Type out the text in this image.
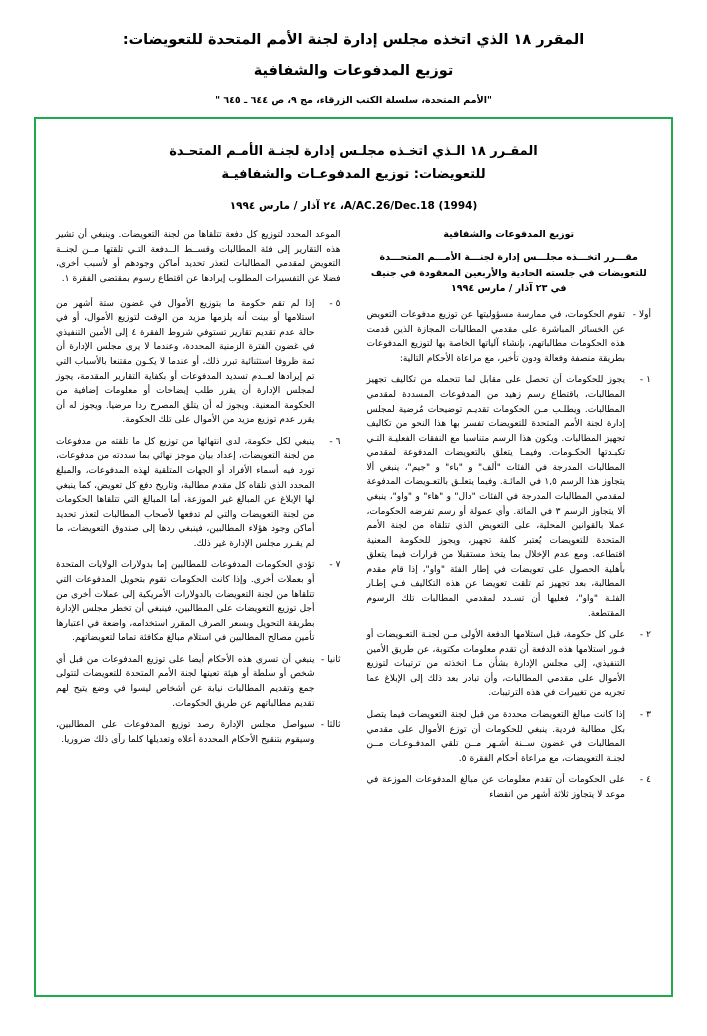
المقرر ١٨ الذي اتخذه مجلس إدارة لجنة الأمم المتحدة للتعويضات:
توزيع المدفوعات والشفافية
"الأمم المتحدة، سلسلة الكتب الزرقاء، مج ٩، ص ٦٤٤ ـ ٦٤٥ "
المقـرر ١٨ الـذي اتخـذه مجلـس إدارة لجنـة الأمـم المتحـدة
للتعويضات: توزيع المدفوعـات والشفافيـة
A/AC.26/Dec.18 (1994)، ٢٤ آذار / مارس ١٩٩٤
توزيع المدفوعات والشفافية
مقـــرر اتخـــذه مجلـــس إدارة لجنـــة الأمـــم المتحـــدة للتعويضات في جلسته الحادية والأربعين المعقودة في جنيف في ٢٣ آذار / مارس ١٩٩٤

أولا -
تقوم الحكومات، في ممارسة مسؤوليتها عن توزيع مدفوعات التعويض عن الخسائر المباشرة على مقدمي المطالبات المجازة الذين قدمت هذه الحكومات مطالباتهم، بإنشاء آلياتها الخاصة بها لتوزيع المدفوعات بطريقة منصفة وفعالة ودون تأخير، مع مراعاة الأحكام التالية:

١ -
يجوز للحكومات أن تحصل على مقابل لما تتحمله من تكاليف تجهيز المطالبات، باقتطاع رسم زهيد من المدفوعات المسددة لمقدمي المطالبات. ويطلـب مـن الحكومات تقديـم توضيحات مُرضية لمجلس إدارة لجنة الأمم المتحدة للتعويضات تفسر بها هذا النحو من تكاليف تجهيز المطالبات. ويكون هذا الرسم متناسبا مع النفقات الفعليـة التـي تكبـدتها الحكـومات. وفيمـا يتعلق بالتعويضات المدفوعة لمقدمي المطالبات المدرجة في الفئات "ألف" و "باء" و "جيم"، ينبغي ألا يتجاوز هذا الرسم ١,٥ في المائـة. وفيما يتعلـق بالتعـويضات المدفوعة لمقدمي المطالبات المدرجة في الفئات "دال" و "هاء" و "واو"، ينبغي ألا يتجاوز الرسم ٣ في المائة. وأي عمولة أو رسم تفرضه الحكومات، عملا بالقوانين المحلية، على التعويض الذي تتلقاه من لجنة الأمم المتحدة للتعويضات يُعتبر كلفة تجهيز، ويجوز للحكومة المعنية اقتطاعه. ومع عدم الإخلال بما يتخذ مستقبلا من قرارات فيما يتعلق بأهلية الحصول على تعويضات في إطار الفئة "واو"، إذا قام مقدم المطالبة، بعد تجهيز ثم تلقت تعويضا عن هذه التكاليف فـي إطـار الفئـة "واو"، فعليها أن تسـدد لمقدمي المطالبات تلك الرسوم المقتطعة.

٢ -
على كل حكومة، قبل استلامها الدفعة الأولى مـن لجنـة التعـويضات أو فـور استلامها هذه الدفعة أن تقدم معلومات مكتوبة، عن طريق الأمين التنفيذي، إلى مجلس الإدارة بشأن مـا اتخذته من ترتيبات لتوزيع الأموال على مقدمي المطالبات، وأن تبادر بعد ذلك إلى الإبلاغ عما تجريه من تغييرات في هذه الترتيبات.

٣ -
إذا كانت مبالغ التعويضات محددة من قبل لجنة التعويضات فيما يتصل بكل مطالبة فردية. ينبغي للحكومات أن توزع الأموال على مقدمي المطالبات في غضون ســنة أشـهر مــن تلقي المدفـوعـات مــن لجنـة التعويضات، مع مراعاة أحكام الفقرة ٥.

٤ -
على الحكومات أن تقدم معلومات عن مبالغ المدفوعات الموزعة في موعد لا يتجاوز ثلاثة أشهر من انقضاء

الموعد المحدد لتوزيع كل دفعة تتلقاها من لجنة التعويضات. وينبغي أن تشير هذه التقارير إلى فئة المطالبات وقســط الــدفعة التـي تلقتها مــن لجنــة التعويض لمقدمي المطالبات لتعذر تحديد أماكن وجودهم أو لأسبب أخرى، فضلا عن التفسيرات المطلوب إيرادها عن اقتطاع رسوم بمقتضى الفقرة ١.

٥ -
إذا لم تقم حكومة ما بتوزيع الأموال في غضون ستة أشهر من استلامها أو بينت أنه يلزمها مزيد من الوقت لتوزيع الأموال، أو في حالة عدم تقديم تقارير تستوفي شروط الفقرة ٤ إلى الأمين التنفيذي في غضون الفترة الزمنية المحددة، وعندما لا يرى مجلس الإدارة أن ثمة ظروفا استثنائية تبرر ذلك، أو عندما لا يكـون مقتنعا بالأسباب التي تم إيرادها لعــدم تسديد المدفوعات أو بكفاية التقارير المقدمة، يجوز لمجلس الإدارة أن يقرر طلب إيضاحات أو معلومات إضافية من الحكومة المعنية. ويجوز له أن يتلق المصرح ردا مرضيا. ويجوز له أن يقرر عدم توزيع مزيد من الأموال على تلك الحكومة.

٦ -
ينبغي لكل حكومة، لدى انتهائها من توزيع كل ما تلقته من مدفوعات من لجنة التعويضات، إعداد بيان موجز نهائي بما سددته من مدفوعات، تورد فيه أسماء الأفراد أو الجهات المتلقية لهذه المدفوعات، والمبلغ المحدد الذي تلقاه كل مقدم مطالبة، وتاريخ دفع كل تعويض، كما ينبغي لها الإبلاغ عن المبالغ غير الموزعة، أما المبالغ التي تتلقاها الحكومات من لجنة التعويضات والتي لم تدفعها لأصحاب المطالبات لتعذر تحديد أماكن وجود هؤلاء المطالبين، فينبغي ردها إلى صندوق التعويضات، ما لم يقـرر مجلس الإدارة غير ذلك.

٧ -
تؤدي الحكومات المدفوعات للمطالبين إما بدولارات الولايات المتحدة أو بعملات أخرى. وإذا كانت الحكومات تقوم بتحويل المدفوعات التي تتلقاها من لجنة التعويضات بالدولارات الأمريكية إلى عملات أخرى من أجل توزيع التعويضات على المطالبين، فينبغي أن تخطر مجلس الإدارة بطريقة التحويل وبسعر الصرف المقرر استخدامه، واضعة في اعتبارها تأمين مصالح المطالبين في استلام مبالغ مكافئة تماما لتعويضاتهم.

ثانيا -
ينبغي أن تسري هذه الأحكام أيضا على توزيع المدفوعات من قبل أي شخص أو سلطة أو هيئة تعينها لجنة الأمم المتحدة للتعويضات لتتولى جمع وتقديم المطالبات نيابة عن أشخاص ليسوا في وضع يتيح لهم تقديم مطالباتهم عن طريق الحكومات.

ثالثا -
سيواصل مجلس الإدارة رصد توزيع المدفوعات على المطالبين، وسيقوم بتنقيح الأحكام المحددة أعلاه وتعديلها كلما رأى ذلك ضروريا.
